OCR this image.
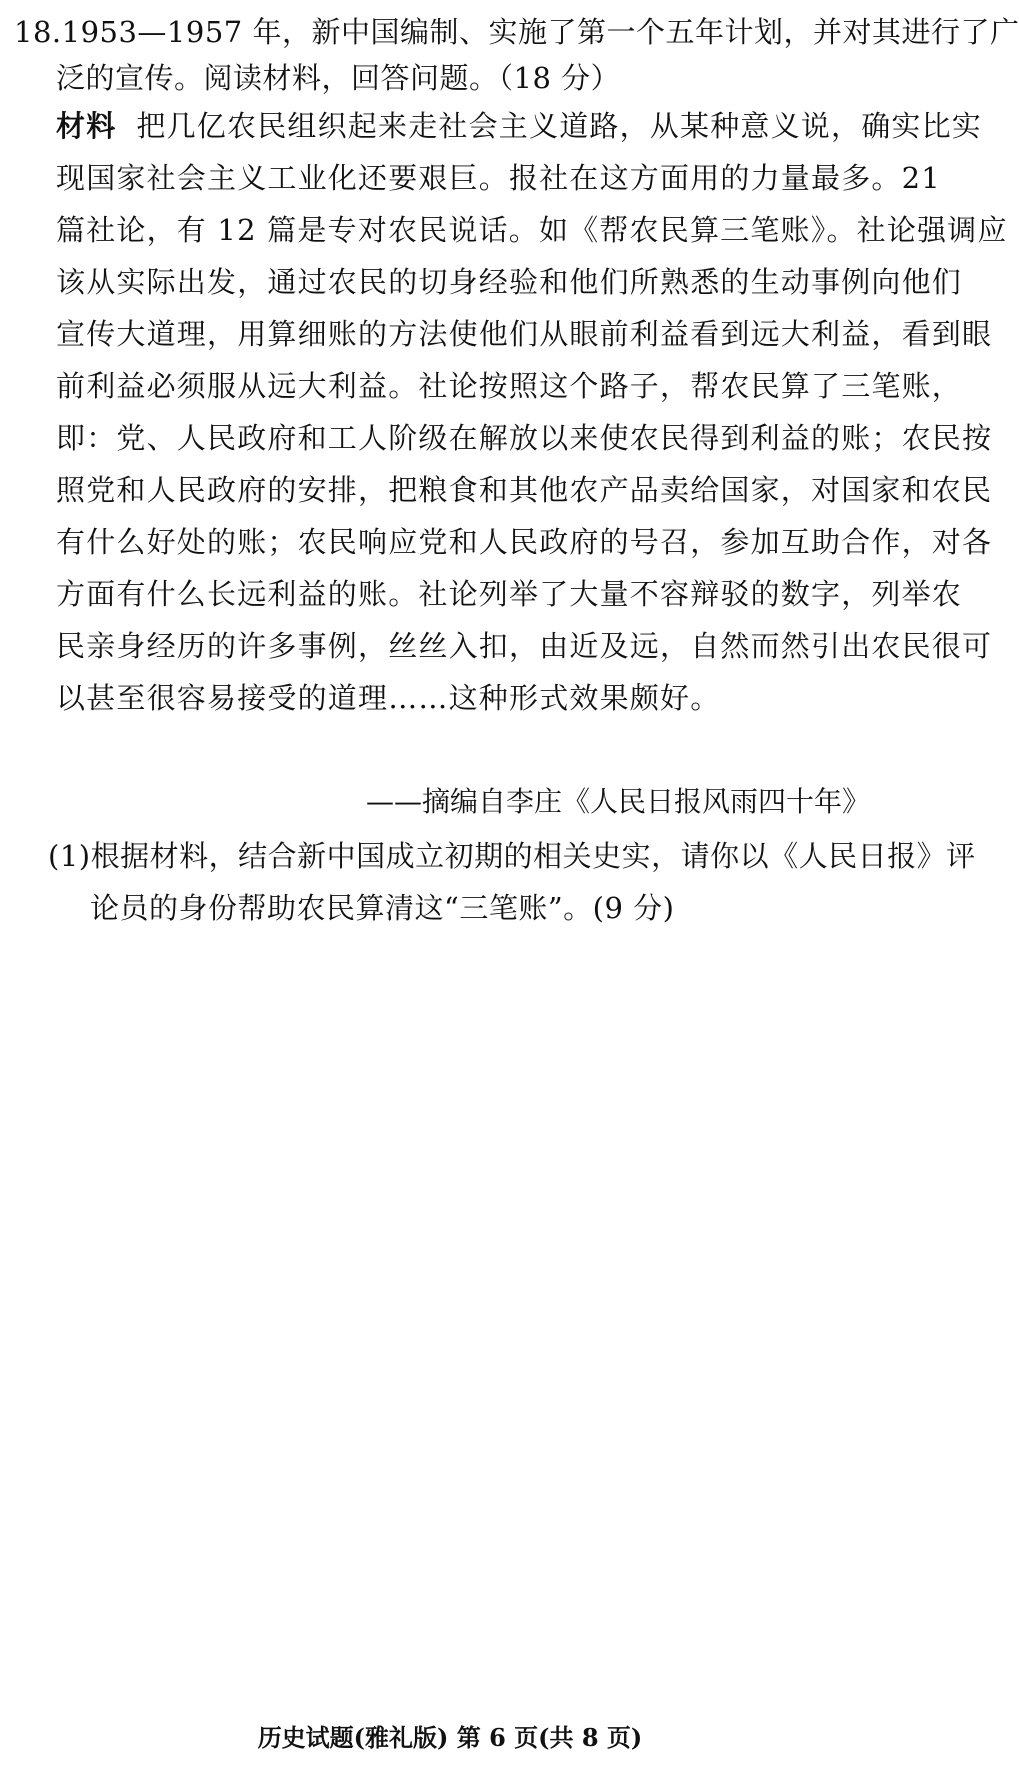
18.1953—1957 年，新中国编制、实施了第一个五年计划，并对其进行了广
泛的宣传。阅读材料，回答问题。（18 分）
材料 把几亿农民组织起来走社会主义道路，从某种意义说，确实比实
现国家社会主义工业化还要艰巨。报社在这方面用的力量最多。21
篇社论，有 12 篇是专对农民说话。如《帮农民算三笔账》。社论强调应
该从实际出发，通过农民的切身经验和他们所熟悉的生动事例向他们
宣传大道理，用算细账的方法使他们从眼前利益看到远大利益，看到眼
前利益必须服从远大利益。社论按照这个路子，帮农民算了三笔账，
即：党、人民政府和工人阶级在解放以来使农民得到利益的账；农民按
照党和人民政府的安排，把粮食和其他农产品卖给国家，对国家和农民
有什么好处的账；农民响应党和人民政府的号召，参加互助合作，对各
方面有什么长远利益的账。社论列举了大量不容辩驳的数字，列举农
民亲身经历的许多事例，丝丝入扣，由近及远，自然而然引出农民很可
以甚至很容易接受的道理……这种形式效果颇好。
——摘编自李庄《人民日报风雨四十年》
(1)根据材料，结合新中国成立初期的相关史实，请你以《人民日报》评
论员的身份帮助农民算清这“三笔账”。(9 分)
历史试题(雅礼版) 第 6 页(共 8 页)
